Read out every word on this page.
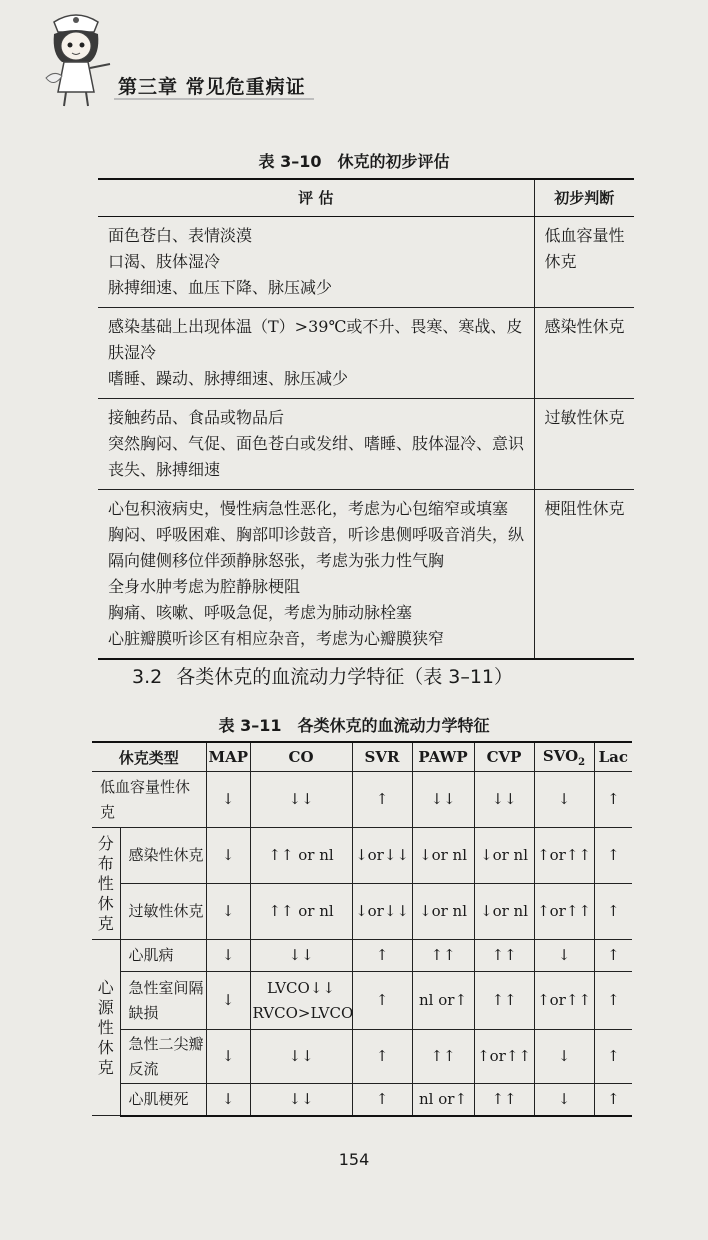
第三章 常见危重病证
表 3–10 休克的初步评估
评 估	初步判断

面色苍白、表情淡漠
口渴、肢体湿冷
脉搏细速、血压下降、脉压减少	低血容量性休克

感染基础上出现体温（T）>39℃或不升、畏寒、寒战、皮肤湿冷
嗜睡、躁动、脉搏细速、脉压减少	感染性休克

接触药品、食品或物品后
突然胸闷、气促、面色苍白或发绀、嗜睡、肢体湿冷、意识丧失、脉搏细速	过敏性休克

心包积液病史，慢性病急性恶化，考虑为心包缩窄或填塞
胸闷、呼吸困难、胸部叩诊鼓音，听诊患侧呼吸音消失，纵隔向健侧移位伴颈静脉怒张，考虑为张力性气胸
全身水肿考虑为腔静脉梗阻
胸痛、咳嗽、呼吸急促，考虑为肺动脉栓塞
心脏瓣膜听诊区有相应杂音，考虑为心瓣膜狭窄	梗阻性休克
3.2 各类休克的血流动力学特征（表 3–11）
表 3–11 各类休克的血流动力学特征
休克类型		MAP	CO	SVR	PAWP	CVP	$SVO_2$	Lac
低血容量性休克		↓	↓↓	↑	↓↓	↓↓	↓	↑
分布性休克	感染性休克	↓	↑↑ or nl	↓or↓↓	↓or nl	↓or nl	↑or↑↑	↑
	过敏性休克	↓	↑↑ or nl	↓or↓↓	↓or nl	↓or nl	↑or↑↑	↑
心源性休克	心肌病	↓	↓↓	↑	↑↑	↑↑	↓	↑
	急性室间隔缺损	↓	LVCO↓↓
RVCO>LVCO	↑	nl or↑	↑↑	↑or↑↑	↑
	急性二尖瓣反流	↓	↓↓	↑	↑↑	↑or↑↑	↓	↑
	心肌梗死	↓	↓↓	↑	nl or↑	↑↑	↓	↑
154
